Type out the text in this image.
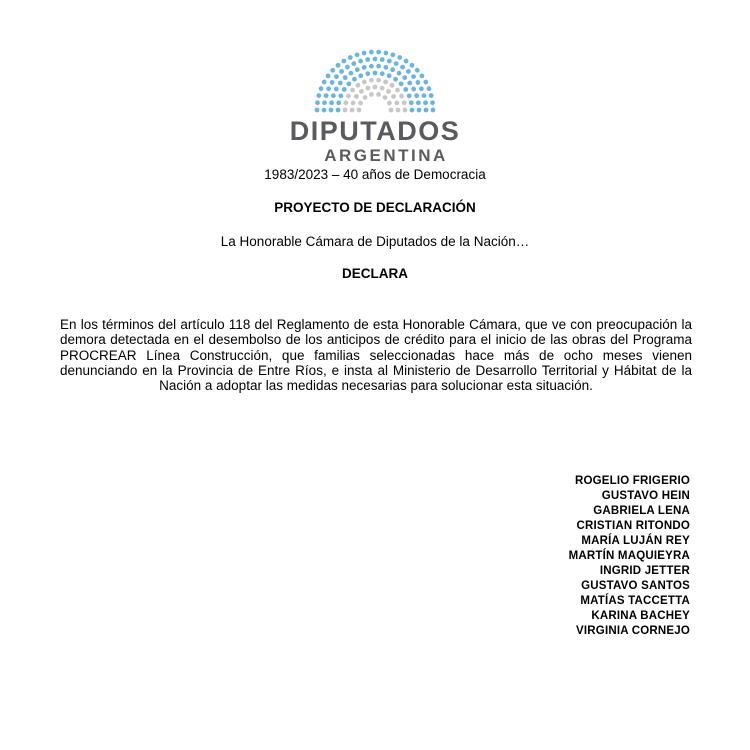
DIPUTADOS
ARGENTINA
1983/2023 – 40 años de Democracia
PROYECTO DE DECLARACIÓN
La Honorable Cámara de Diputados de la Nación…
DECLARA
En los términos del artículo 118 del Reglamento de esta Honorable Cámara, que ve con preocupación la demora detectada en el desembolso de los anticipos de crédito para el inicio de las obras del Programa PROCREAR Línea Construcción, que familias seleccionadas hace más de ocho meses vienen denunciando en la Provincia de Entre Ríos, e insta al Ministerio de Desarrollo Territorial y Hábitat de la Nación a adoptar las medidas necesarias para solucionar esta situación.
ROGELIO FRIGERIO
GUSTAVO HEIN
GABRIELA LENA
CRISTIAN RITONDO
MARÍA LUJÁN REY
MARTÍN MAQUIEYRA
INGRID JETTER
GUSTAVO SANTOS
MATÍAS TACCETTA
KARINA BACHEY
VIRGINIA CORNEJO
